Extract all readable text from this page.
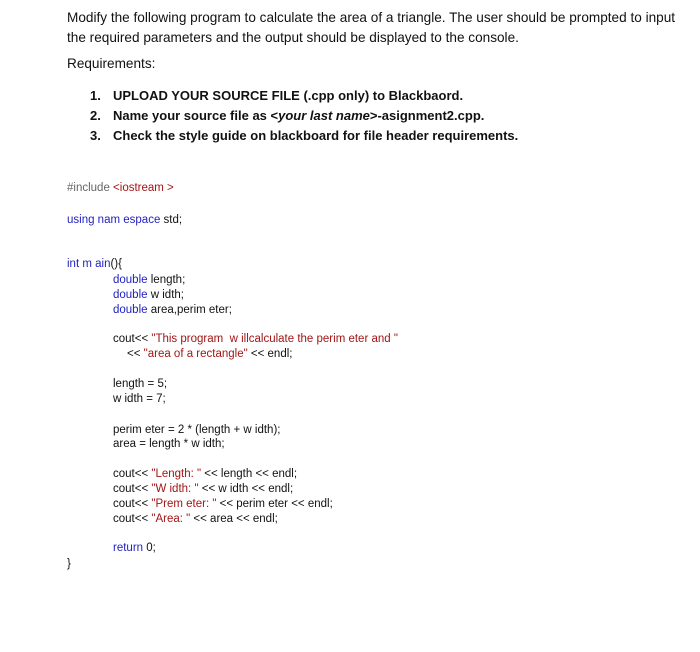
Modify the following program to calculate the area of a triangle. The user should be prompted to input the required parameters and the output should be displayed to the console.

Requirements:

1. UPLOAD YOUR SOURCE FILE (.cpp only) to Blackbaord.
2. Name your source file as <your last name>-asignment2.cpp.
3. Check the style guide on blackboard for file header requirements.
#include <iostream >
using nam espace std;
int m ain(){
double length;
double w idth;
double area,perim eter;
cout<< "This program  w illcalculate the perim eter and "
<< "area of a rectangle" << endl;
length = 5;
w idth = 7;
perim eter = 2 * (length + w idth);
area = length * w idth;
cout<< "Length: " << length << endl;
cout<< "W idth: " << w idth << endl;
cout<< "Prem eter: " << perim eter << endl;
cout<< "Area: " << area << endl;
return 0;
}
